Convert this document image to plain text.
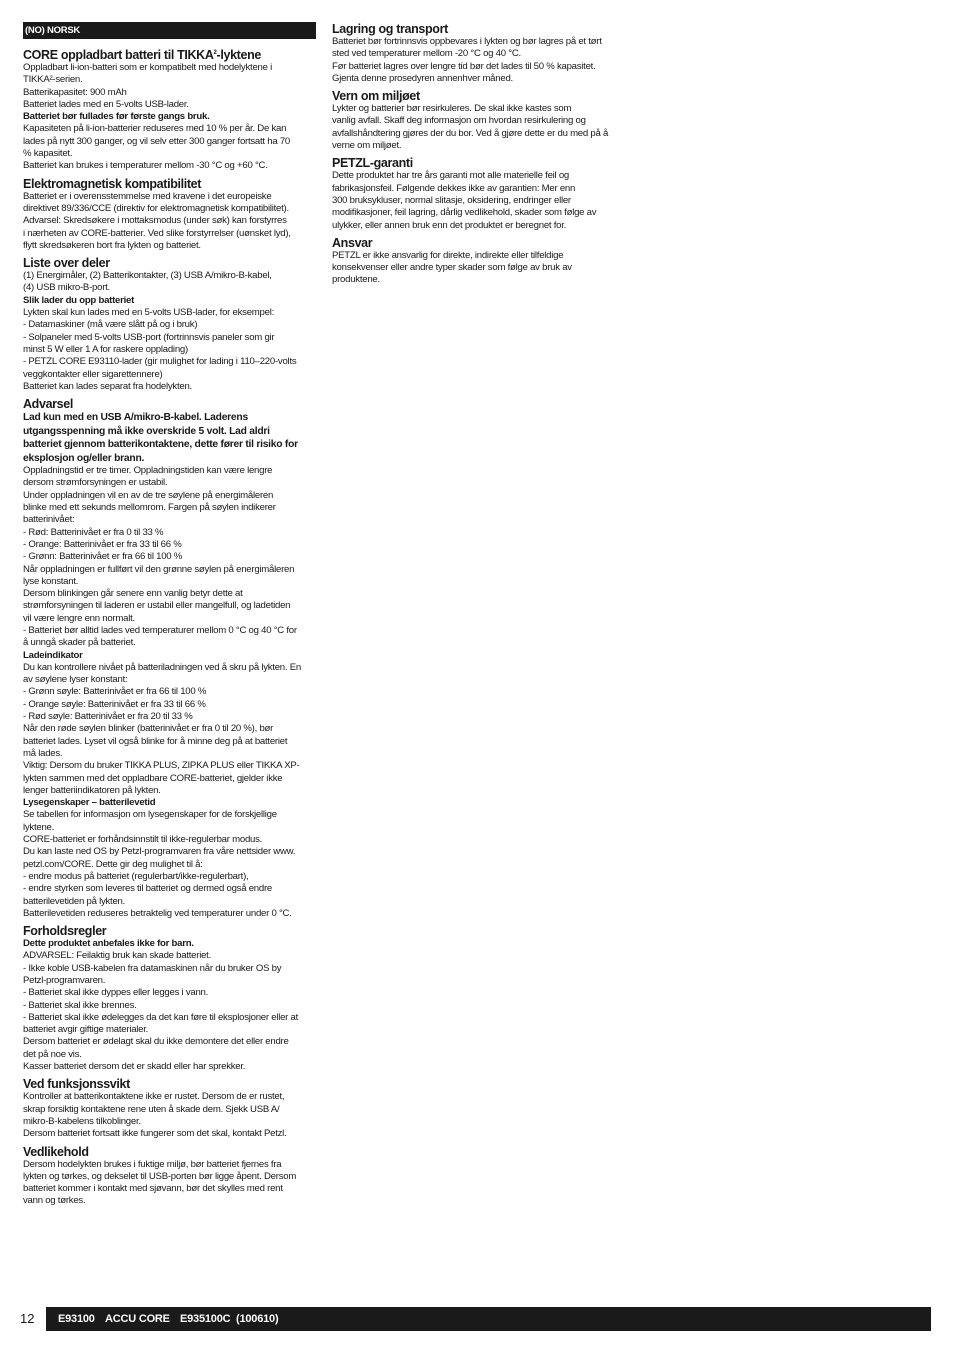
(NO) NORSK
CORE oppladbart batteri til TIKKA$^2$-lyktene
Oppladbart li-ion-batteri som er kompatibelt med hodelyktene i
TIKKA²-serien.
Batterikapasitet: 900 mAh
Batteriet lades med en 5-volts USB-lader.
Batteriet bør fullades før første gangs bruk.
Kapasiteten på li-ion-batterier reduseres med 10 % per år. De kan
lades på nytt 300 ganger, og vil selv etter 300 ganger fortsatt ha 70
% kapasitet.
Batteriet kan brukes i temperaturer mellom -30 °C og +60 °C.
Elektromagnetisk kompatibilitet
Batteriet er i overensstemmelse med kravene i det europeiske
direktivet 89/336/CCE (direktiv for elektromagnetisk kompatibilitet).
Advarsel: Skredsøkere i mottaksmodus (under søk) kan forstyrres
i nærheten av CORE-batterier. Ved slike forstyrrelser (uønsket lyd),
flytt skredsøkeren bort fra lykten og batteriet.
Liste over deler
(1) Energimåler, (2) Batterikontakter, (3) USB A/mikro-B-kabel,
(4) USB mikro-B-port.
Slik lader du opp batteriet
Lykten skal kun lades med en 5-volts USB-lader, for eksempel:
- Datamaskiner (må være slått på og i bruk)
- Solpaneler med 5-volts USB-port (fortrinnsvis paneler som gir
minst 5 W eller 1 A for raskere opplading)
- PETZL CORE E93110-lader (gir mulighet for lading i 110–220-volts
veggkontakter eller sigarettennere)
Batteriet kan lades separat fra hodelykten.
Advarsel
Lad kun med en USB A/mikro-B-kabel. Laderens
utgangsspenning må ikke overskride 5 volt. Lad aldri
batteriet gjennom batterikontaktene, dette fører til risiko for
eksplosjon og/eller brann.
Oppladningstid er tre timer. Oppladningstiden kan være lengre
dersom strømforsyningen er ustabil.
Under oppladningen vil en av de tre søylene på energimåleren
blinke med ett sekunds mellomrom. Fargen på søylen indikerer
batterinivået:
- Rød: Batterinivået er fra 0 til 33 %
- Orange: Batterinivået er fra 33 til 66 %
- Grønn: Batterinivået er fra 66 til 100 %
Når oppladningen er fullført vil den grønne søylen på energimåleren
lyse konstant.
Dersom blinkingen går senere enn vanlig betyr dette at
strømforsyningen til laderen er ustabil eller mangelfull, og ladetiden
vil være lengre enn normalt.
- Batteriet bør alltid lades ved temperaturer mellom 0 °C og 40 °C for
å unngå skader på batteriet.
Ladeindikator
Du kan kontrollere nivået på batteriladningen ved å skru på lykten. En
av søylene lyser konstant:
- Grønn søyle: Batterinivået er fra 66 til 100 %
- Orange søyle: Batterinivået er fra 33 til 66 %
- Rød søyle: Batterinivået er fra 20 til 33 %
Når den røde søylen blinker (batterinivået er fra 0 til 20 %), bør
batteriet lades. Lyset vil også blinke for å minne deg på at batteriet
må lades.
Viktig: Dersom du bruker TIKKA PLUS, ZIPKA PLUS eller TIKKA XP-
lykten sammen med det oppladbare CORE-batteriet, gjelder ikke
lenger batteriindikatoren på lykten.
Lysegenskaper – batterilevetid
Se tabellen for informasjon om lysegenskaper for de forskjellige
lyktene.
CORE-batteriet er forhåndsinnstilt til ikke-regulerbar modus.
Du kan laste ned OS by Petzl-programvaren fra våre nettsider www.
petzl.com/CORE. Dette gir deg mulighet til å:
- endre modus på batteriet (regulerbart/ikke-regulerbart),
- endre styrken som leveres til batteriet og dermed også endre
batterilevetiden på lykten.
Batterilevetiden reduseres betraktelig ved temperaturer under 0 °C.
Forholdsregler
Dette produktet anbefales ikke for barn.
ADVARSEL: Feilaktig bruk kan skade batteriet.
- Ikke koble USB-kabelen fra datamaskinen når du bruker OS by
Petzl-programvaren.
- Batteriet skal ikke dyppes eller legges i vann.
- Batteriet skal ikke brennes.
- Batteriet skal ikke ødelegges da det kan føre til eksplosjoner eller at
batteriet avgir giftige materialer.
Dersom batteriet er ødelagt skal du ikke demontere det eller endre
det på noe vis.
Kasser batteriet dersom det er skadd eller har sprekker.
Ved funksjonssvikt
Kontroller at batterikontaktene ikke er rustet. Dersom de er rustet,
skrap forsiktig kontaktene rene uten å skade dem. Sjekk USB A/
mikro-B-kabelens tilkoblinger.
Dersom batteriet fortsatt ikke fungerer som det skal, kontakt Petzl.
Vedlikehold
Dersom hodelykten brukes i fuktige miljø, bør batteriet fjernes fra
lykten og tørkes, og dekselet til USB-porten bør ligge åpent. Dersom
batteriet kommer i kontakt med sjøvann, bør det skylles med rent
vann og tørkes.
Lagring og transport
Batteriet bør fortrinnsvis oppbevares i lykten og bør lagres på et tørt
sted ved temperaturer mellom -20 °C og 40 °C.
Før batteriet lagres over lengre tid bør det lades til 50 % kapasitet.
Gjenta denne prosedyren annenhver måned.
Vern om miljøet
Lykter og batterier bør resirkuleres. De skal ikke kastes som
vanlig avfall. Skaff deg informasjon om hvordan resirkulering og
avfallshåndtering gjøres der du bor. Ved å gjøre dette er du med på å
verne om miljøet.
PETZL-garanti
Dette produktet har tre års garanti mot alle materielle feil og
fabrikasjonsfeil. Følgende dekkes ikke av garantien: Mer enn
300 bruksykluser, normal slitasje, oksidering, endringer eller
modifikasjoner, feil lagring, dårlig vedlikehold, skader som følge av
ulykker, eller annen bruk enn det produktet er beregnet for.
Ansvar
PETZL er ikke ansvarlig for direkte, indirekte eller tilfeldige
konsekvenser eller andre typer skader som følge av bruk av
produktene.
12	E93100 ACCU CORE E935100C (100610)
